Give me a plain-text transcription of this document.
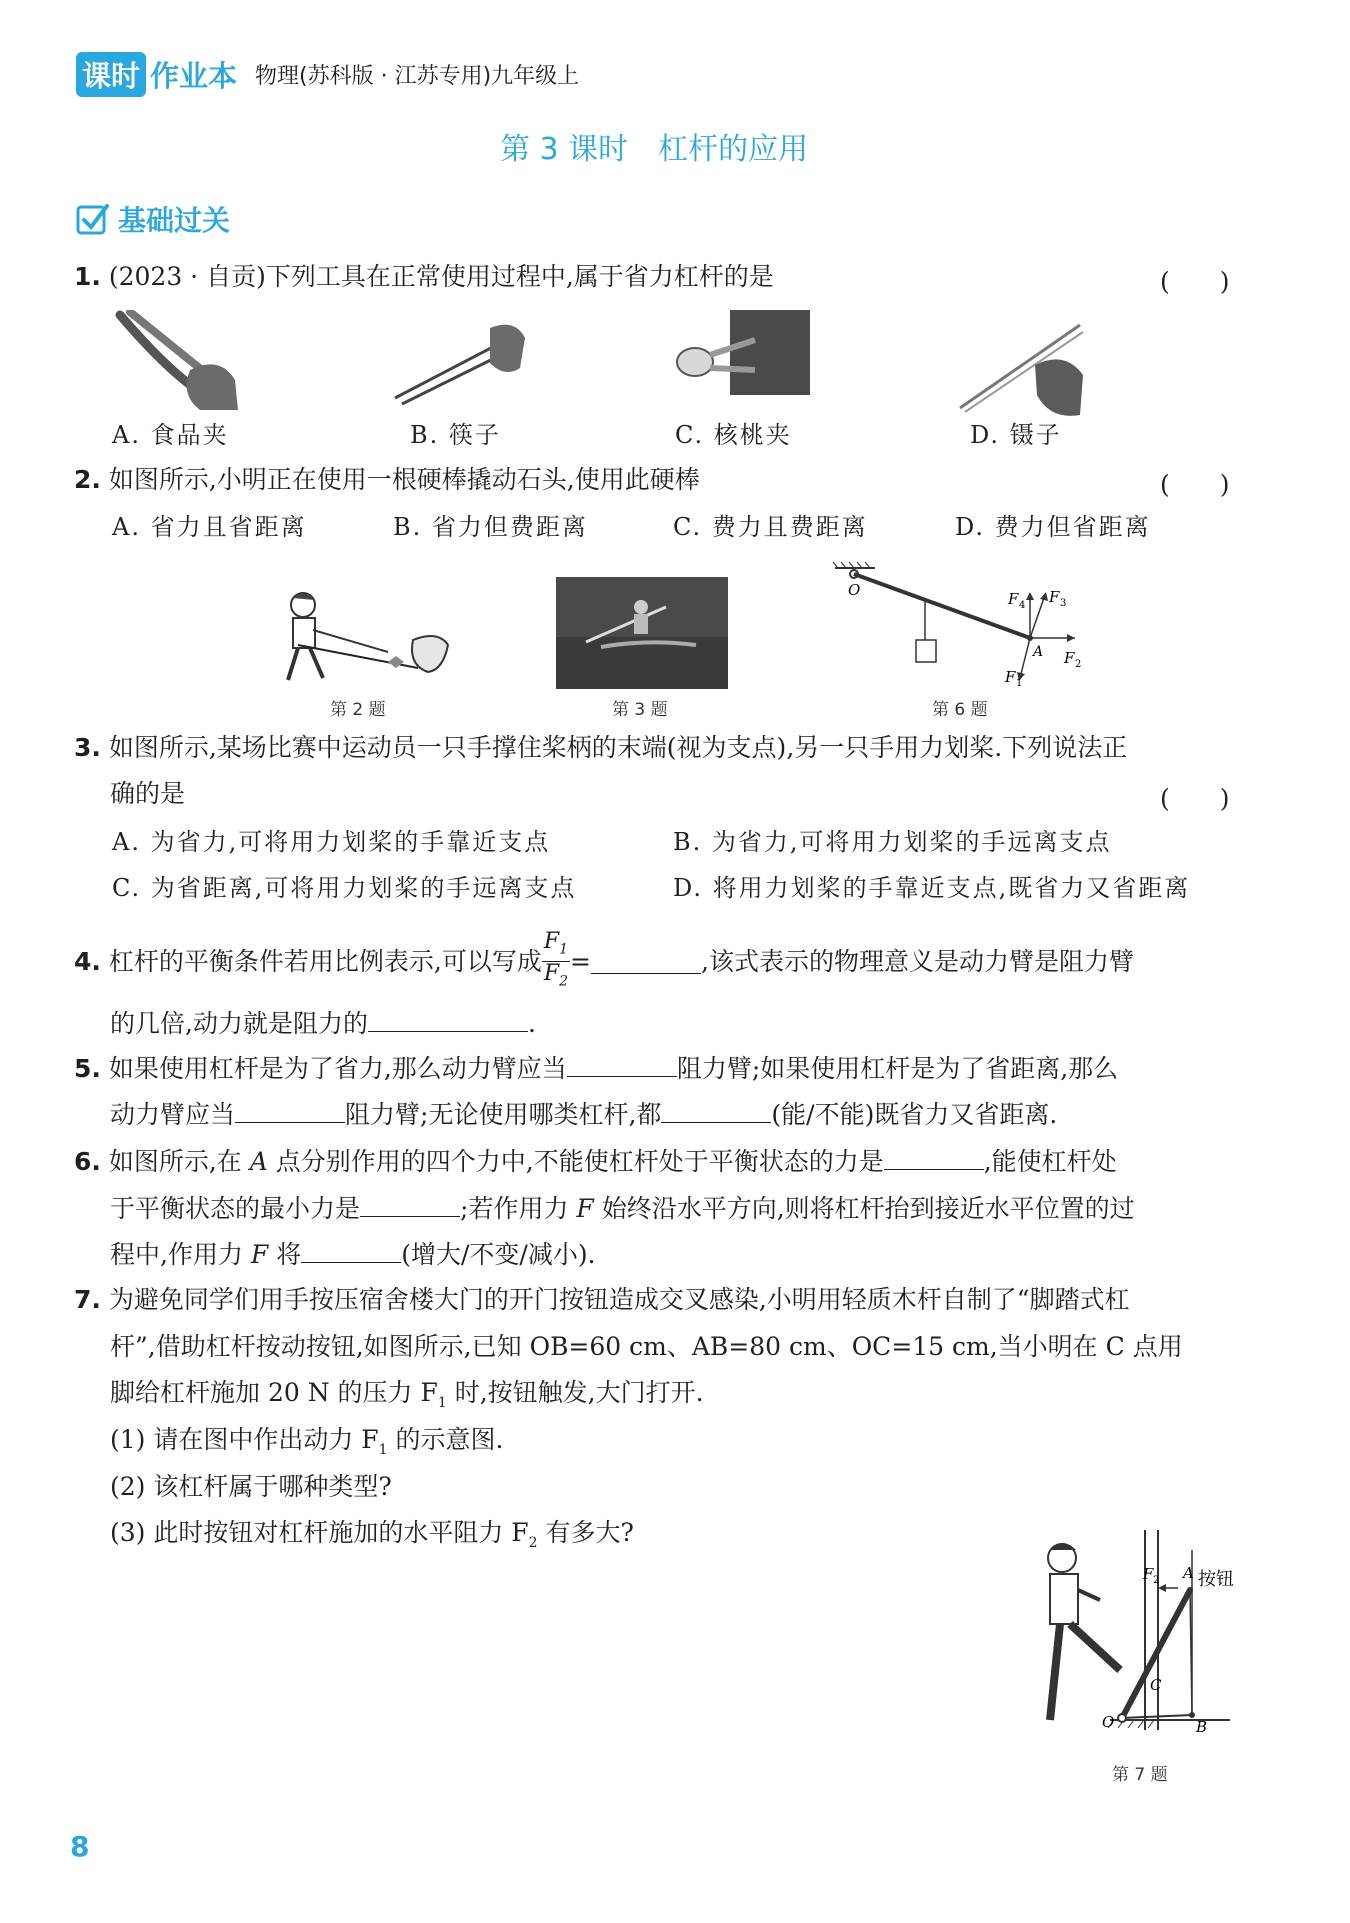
课时 作业本 物理(苏科版 · 江苏专用)九年级上
第 3 课时　杠杆的应用
基础过关
1. (2023 · 自贡)下列工具在正常使用过程中,属于省力杠杆的是	(　　)
A. 食品夹	B. 筷子	C. 核桃夹	D. 镊子
2. 如图所示,小明正在使用一根硬棒撬动石头,使用此硬棒	(　　)
A. 省力且省距离	B. 省力但费距离	C. 费力且费距离	D. 费力但省距离
第 2 题	第 3 题
O
A
F 4 F 3
F 2
F 1
第 6 题
3. 如图所示,某场比赛中运动员一只手撑住桨柄的末端(视为支点),另一只手用力划桨.下列说法正
确的是	(　　)
A. 为省力,可将用力划桨的手靠近支点	B. 为省力,可将用力划桨的手远离支点
C. 为省距离,可将用力划桨的手远离支点	D. 将用力划桨的手靠近支点,既省力又省距离
4. 杠杆的平衡条件若用比例表示,可以写成 $\frac{F_1}{F_2}$ =	,该式表示的物理意义是动力臂是阻力臂
的几倍,动力就是阻力的	.
5. 如果使用杠杆是为了省力,那么动力臂应当	阻力臂;如果使用杠杆是为了省距离,那么
动力臂应当	阻力臂;无论使用哪类杠杆,都	(能/不能)既省力又省距离.
6. 如图所示,在 A 点分别作用的四个力中,不能使杠杆处于平衡状态的力是	,能使杠杆处
于平衡状态的最小力是	;若作用力 F 始终沿水平方向,则将杠杆抬到接近水平位置的过
程中,作用力 F 将	(增大/不变/减小).
7. 为避免同学们用手按压宿舍楼大门的开门按钮造成交叉感染,小明用轻质木杆自制了“脚踏式杠
杆”,借助杠杆按动按钮,如图所示,已知 OB=60 cm、AB=80 cm、OC=15 cm,当小明在 C 点用
脚给杠杆施加 20 N 的压力 $F_1$ 时,按钮触发,大门打开.
(1) 请在图中作出动力 $F_1$ 的示意图.
(2) 该杠杆属于哪种类型?
(3) 此时按钮对杠杆施加的水平阻力 $F_2$ 有多大?
F 2 A 按钮
C
B
O
第 7 题
8
